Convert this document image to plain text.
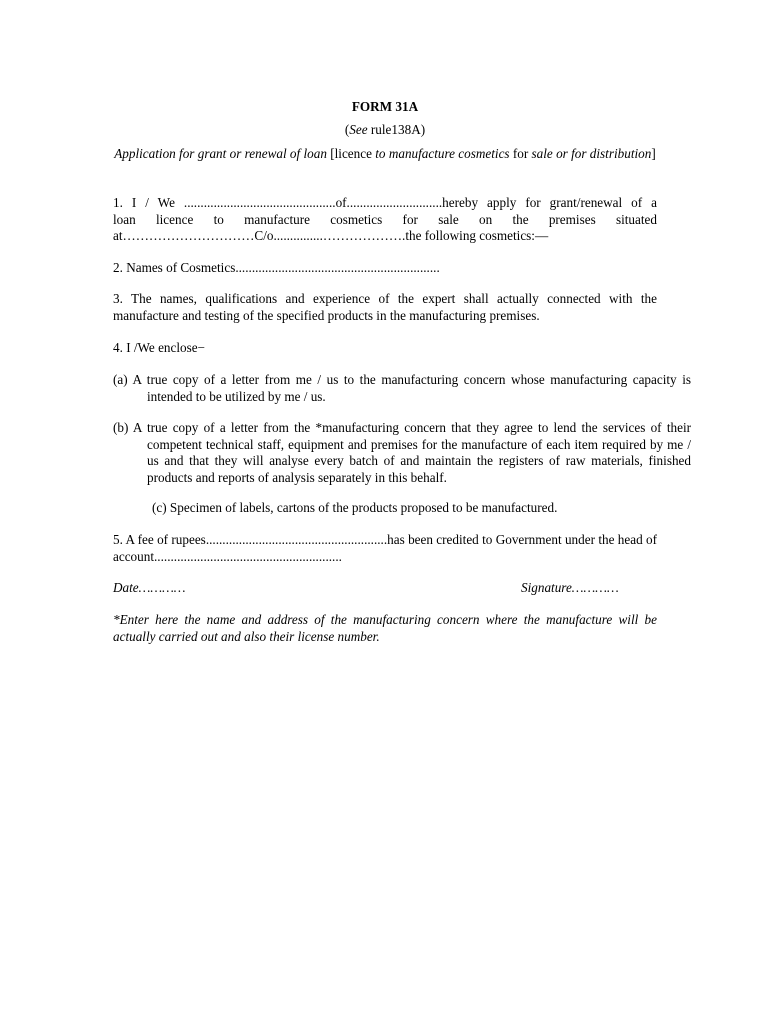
FORM 31A
(See rule138A)
Application for grant or renewal of loan [licence to manufacture cosmetics for sale or for distribution]
1. I / We ..............................................of.............................hereby apply for grant/renewal of a
loan licence to manufacture cosmetics for sale on the premises situated
at…………………………C/o...............……………….the following cosmetics:—
2. Names of Cosmetics..............................................................
3. The names, qualifications and experience of the expert shall actually connected with the manufacture and testing of the specified products in the manufacturing premises.
4. I /We enclose−
(a) A true copy of a letter from me / us to the manufacturing concern whose manufacturing capacity is intended to be utilized by me / us.
(b) A true copy of a letter from the *manufacturing concern that they agree to lend the services of their competent technical staff, equipment and premises for the manufacture of each item required by me / us and that they will analyse every batch of and maintain the registers of raw materials, finished products and reports of analysis separately in this behalf.
(c) Specimen of labels, cartons of the products proposed to be manufactured.
5. A fee of rupees.......................................................has been credited to Government under the head of account.........................................................
Date…………	Signature…………
*Enter here the name and address of the manufacturing concern where the manufacture will be actually carried out and also their license number.
